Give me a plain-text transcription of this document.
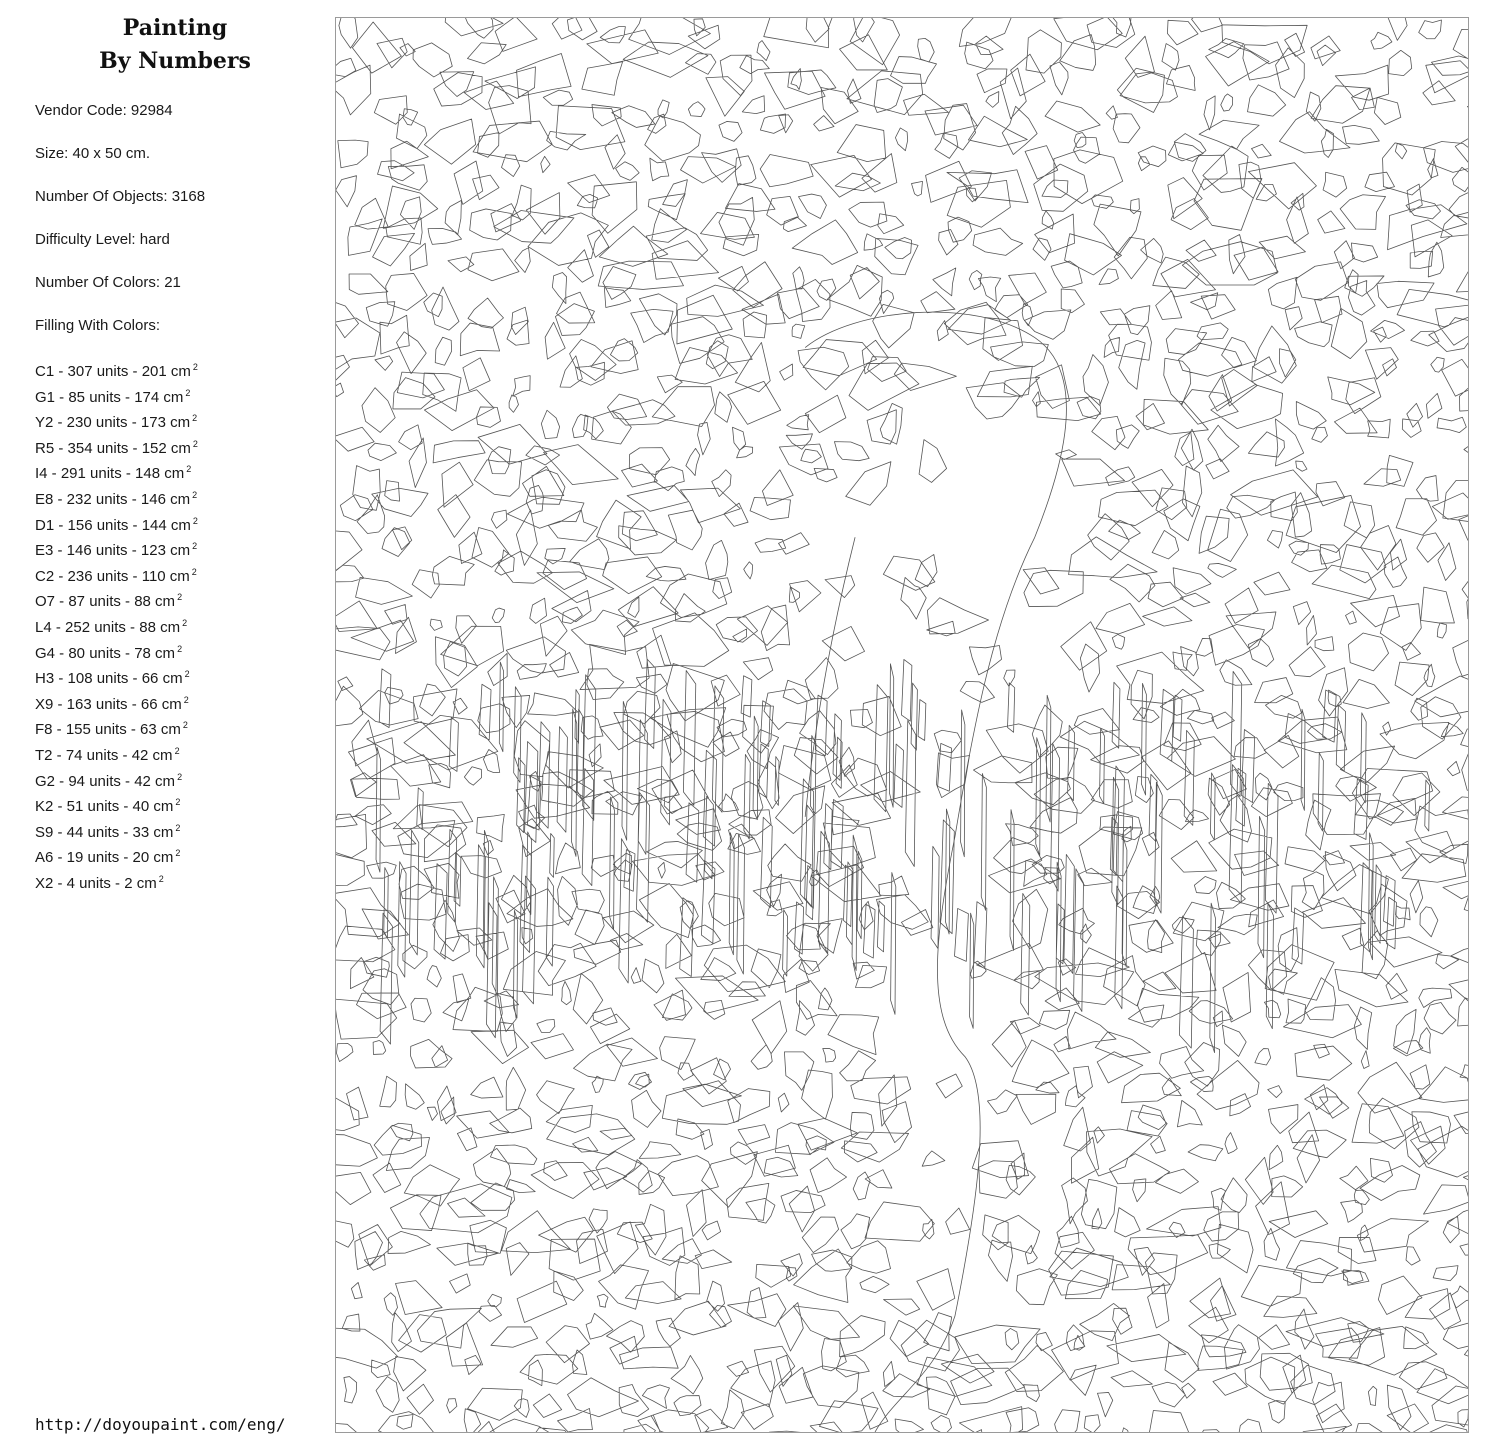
Painting
By Numbers
Vendor Code: 92984
Size: 40 x 50 cm.
Number Of Objects: 3168
Difficulty Level: hard
Number Of Colors: 21
Filling With Colors:
C1 - 307 units - 201 cm $^2$
G1 - 85 units - 174 cm $^2$
Y2 - 230 units - 173 cm $^2$
R5 - 354 units - 152 cm $^2$
I4 - 291 units - 148 cm $^2$
E8 - 232 units - 146 cm $^2$
D1 - 156 units - 144 cm $^2$
E3 - 146 units - 123 cm $^2$
C2 - 236 units - 110 cm $^2$
O7 - 87 units - 88 cm $^2$
L4 - 252 units - 88 cm $^2$
G4 - 80 units - 78 cm $^2$
H3 - 108 units - 66 cm $^2$
X9 - 163 units - 66 cm $^2$
F8 - 155 units - 63 cm $^2$
T2 - 74 units - 42 cm $^2$
G2 - 94 units - 42 cm $^2$
K2 - 51 units - 40 cm $^2$
S9 - 44 units - 33 cm $^2$
A6 - 19 units - 20 cm $^2$
X2 - 4 units - 2 cm $^2$
http://doyoupaint.com/eng/
